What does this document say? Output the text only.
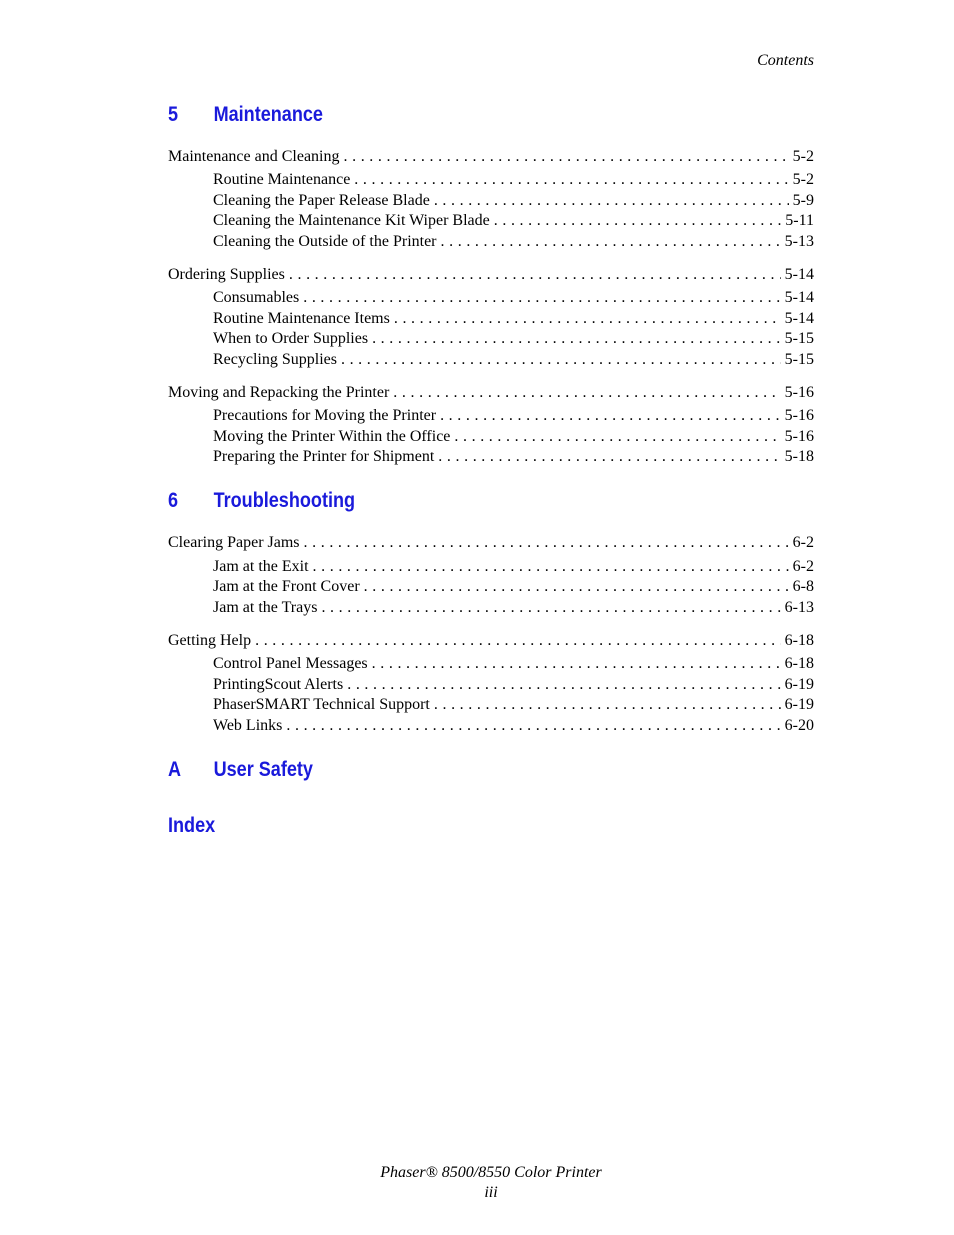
Contents
5	Maintenance
Maintenance and Cleaning . . .	5-2
Routine Maintenance . . .	5-2
Cleaning the Paper Release Blade . . .	5-9
Cleaning the Maintenance Kit Wiper Blade . . .	5-11
Cleaning the Outside of the Printer . . .	5-13
Ordering Supplies . . .	5-14
Consumables . . .	5-14
Routine Maintenance Items . . .	5-14
When to Order Supplies . . .	5-15
Recycling Supplies . . .	5-15
Moving and Repacking the Printer . . .	5-16
Precautions for Moving the Printer . . .	5-16
Moving the Printer Within the Office . . .	5-16
Preparing the Printer for Shipment . . .	5-18
6	Troubleshooting
Clearing Paper Jams . . .	6-2
Jam at the Exit . . .	6-2
Jam at the Front Cover . . .	6-8
Jam at the Trays . . .	6-13
Getting Help . . .	6-18
Control Panel Messages . . .	6-18
PrintingScout Alerts . . .	6-19
PhaserSMART Technical Support . . .	6-19
Web Links . . .	6-20
A	User Safety
Index
Phaser® 8500/8550 Color Printer
iii
